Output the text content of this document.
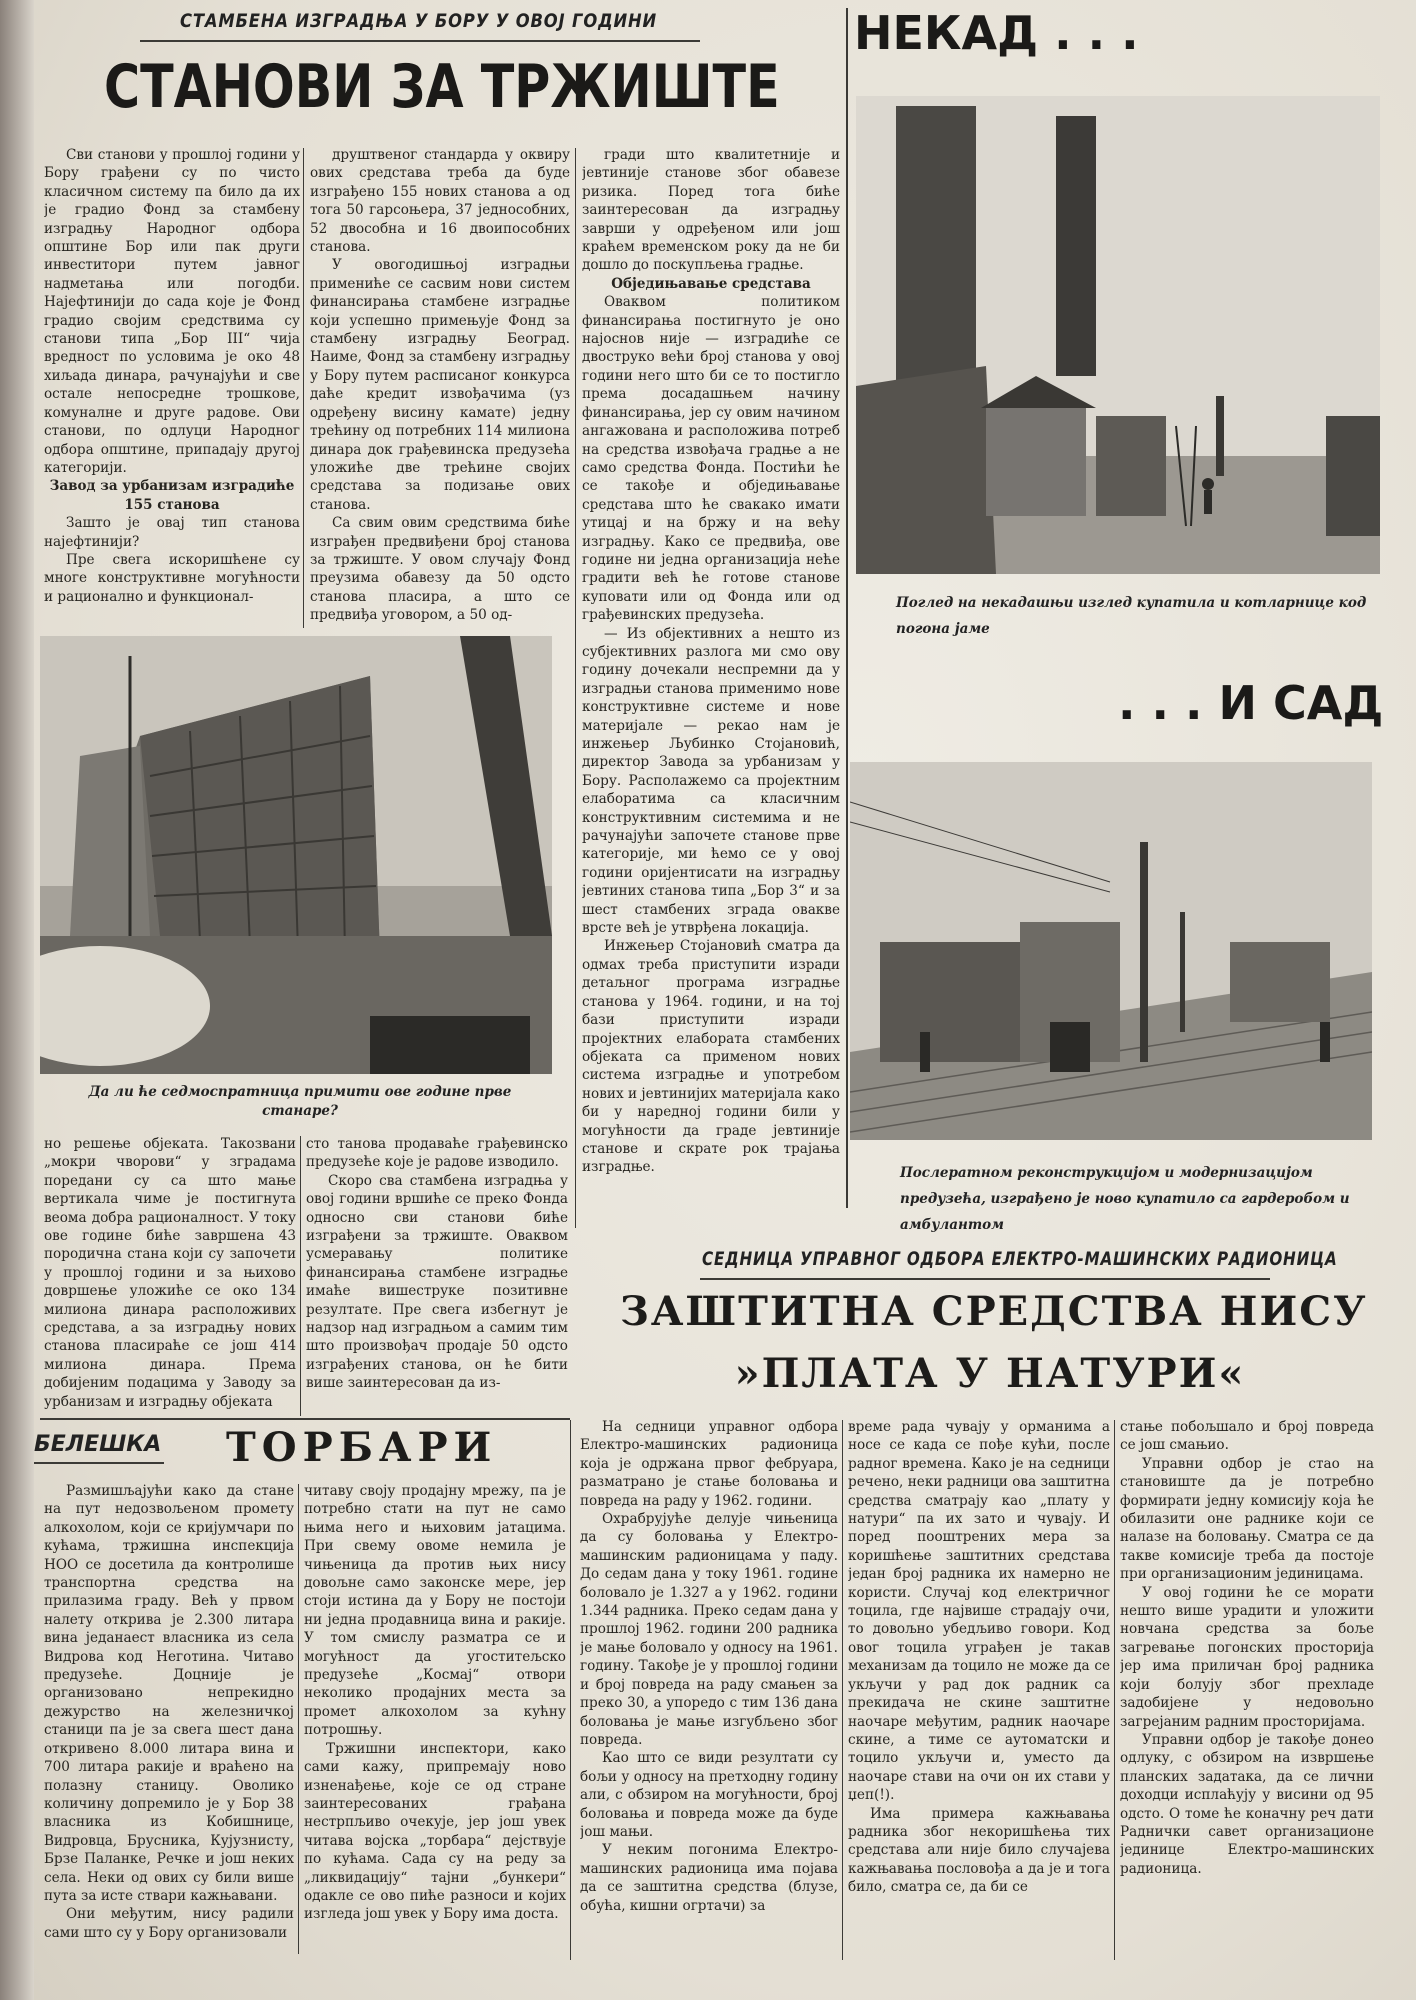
СТАМБЕНА ИЗГРАДЊА У БОРУ У ОВОЈ ГОДИНИ
СТАНОВИ ЗА ТРЖИШТЕ

Сви станови у прошлој години у Бору грађени су по чисто класичном систему па било да их је градио Фонд за стамбену изградњу Народног одбора општине Бор или пак други инвеститори путем јавног надметања или погодби. Најефтинији до сада које је Фонд градио својим средствима су станови типа „Бор III“ чија вредност по условима је око 48 хиљада динара, рачунајући и све остале непосредне трошкове, комуналне и друге радове. Ови станови, по одлуци Народног одбора општине, припадају другој категорији.

Завод за урбанизам изградиће 155 станова

Зашто је овај тип станова најефтинији?

Пре свега искоришћене су многе конструктивне могућности и рационално и функционал-

друштвеног стандарда у оквиру ових средстава треба да буде изграђено 155 нових станова а од тога 50 гарсоњера, 37 једнособних, 52 двособна и 16 двоипособних станова.

У овогодишњој изградњи примениће се сасвим нови систем финансирања стамбене изградње који успешно примењује Фонд за стамбену изградњу Београд. Наиме, Фонд за стамбену изградњу у Бору путем расписаног конкурса даће кредит извођачима (уз одређену висину камате) једну трећину од потребних 114 милиона динара док грађевинска предузећа уложиће две трећине својих средстава за подизање ових станова.

Са свим овим средствима биће изграђен предвиђени број станова за тржиште. У овом случају Фонд преузима обавезу да 50 одсто станова пласира, а што се предвиђа уговором, а 50 од-

гради што квалитетније и јевтиније станове због обавезе ризика. Поред тога биће заинтересован да изградњу заврши у одређеном или још краћем временском року да не би дошло до поскупљења градње.

Обједињавање средстава

Оваквом политиком финансирања постигнуто је оно најоснов није — изградиће се двоструко већи број станова у овој години него што би се то постигло према досадашњем начину финансирања, јер су овим начином ангажована и расположива потреб на средства извођача градње а не само средства Фонда. Постићи ће се такође и обједињавање средстава што ће свакако имати утицај и на бржу и на већу изградњу. Како се предвиђа, ове године ни једна организација неће градити већ ће готове станове куповати или од Фонда или од грађевинских предузећа.

— Из објективних а нешто из субјективних разлога ми смо ову годину дочекали неспремни да у изградњи станова применимо нове конструктивне системе и нове материјале — рекао нам је инжењер Љубинко Стојановић, директор Завода за урбанизам у Бору. Располажемо са пројектним елаборатима са класичним конструктивним системима и не рачунајући започете станове прве категорије, ми ћемо се у овој години оријентисати на изградњу јевтиних станова типа „Бор 3“ и за шест стамбених зграда овакве врсте већ је утврђена локација.

Инжењер Стојановић сматра да одмах треба приступити изради детаљног програма изградње станова у 1964. години, и на тој бази приступити изради пројектних елабората стамбених објеката са применом нових система изградње и употребом нових и јевтинијих материјала како би у наредној години били у могућности да граде јевтиније станове и скрате рок трајања изградње.

Да ли ће седмоспратница примити ове године прве станаре?

но решење објеката. Такозвани „мокри чворови“ у зградама поредани су са што мање вертикала чиме је постигнута веома добра рационалност. У току ове године биће завршена 43 породична стана који су започети у прошлој години и за њихово довршење уложиће се око 134 милиона динара расположивих средстава, а за изградњу нових станова пласираће се још 414 милиона динара. Према добијеним подацима у Заводу за урбанизам и изградњу објеката

сто танова продаваће грађевинско предузеће које је радове изводило.

Скоро сва стамбена изградња у овој години вршиће се преко Фонда односно сви станови биће изграђени за тржиште. Оваквом усмеравању политике финансирања стамбене изградње имаће вишеструке позитивне резултате. Пре свега избегнут је надзор над изградњом а самим тим што произвођач продаје 50 одсто изграђених станова, он ће бити више заинтересован да из-

НЕКАД . . .
Поглед на некадашњи изглед купатила и котларнице код погона јаме
. . . И САД
Послератном реконструкцијом и модернизацијом предузећа, изграђено је ново купатило са гардеробом и амбулантом
БЕЛЕШКА ТОРБАРИ

Размишљајући како да стане на пут недозвољеном промету алкохолом, који се кријумчари по кућама, тржишна инспекција НОО се досетила да контролише транспортна средства на прилазима граду. Већ у првом налету открива је 2.300 литара вина једанаест власника из села Видрова код Неготина. Читаво предузеће. Доцније је организовано непрекидно дежурство на железничкој станици па је за свега шест дана откривено 8.000 литара вина и 700 литара ракије и враћено на полазну станицу. Оволико количину допремило је у Бор 38 власника из Кобишнице, Видровца, Брусника, Кујузнисту, Брзе Паланке, Речке и још неких села. Неки од ових су били више пута за исте ствари кажњавани.

Они међутим, нису радили сами што су у Бору организовали

читаву своју продајну мрежу, па је потребно стати на пут не само њима него и њиховим јатацима. При свему овоме немила је чињеница да против њих нису довољне само законске мере, јер стоји истина да у Бору не постоји ни једна продавница вина и ракије. У том смислу разматра се и могућност да угоститељско предузеће „Космај“ отвори неколико продајних места за промет алкохолом за кућну потрошњу.

Тржишни инспектори, како сами кажу, припремају ново изненађење, које се од стране заинтересованих грађана нестрпљиво очекује, јер још увек читава војска „торбара“ дејствује по кућама. Сада су на реду за „ликвидацију“ тајни „бункери“ одакле се ово пиће разноси и којих изгледа још увек у Бору има доста.

СЕДНИЦА УПРАВНОГ ОДБОРА ЕЛЕКТРО-МАШИНСКИХ РАДИОНИЦА
ЗАШТИТНА СРЕДСТВА НИСУ
»ПЛАТА У НАТУРИ«

На седници управног одбора Електро-машинских радионица која је одржана првог фебруара, разматрано је стање боловања и повреда на раду у 1962. години.

Охрабрујуће делује чињеница да су боловања у Електро-машинским радионицама у паду. До седам дана у току 1961. године боловало је 1.327 а у 1962. години 1.344 радника. Преко седам дана у прошлој 1962. години 200 радника је мање боловало у односу на 1961. годину. Такође је у прошлој години и број повреда на раду смањен за преко 30, а упоредо с тим 136 дана боловања је мање изгубљено због повреда.

Као што се види резултати су бољи у односу на претходну годину али, с обзиром на могућности, број боловања и повреда може да буде још мањи.

У неким погонима Електро-машинских радионица има појава да се заштитна средства (блузе, обућа, кишни огртачи) за

време рада чувају у орманима а носе се када се пође кући, после радног времена. Како је на седници речено, неки радници ова заштитна средства сматрају као „плату у натури“ па их зато и чувају. И поред пооштрених мера за коришћење заштитних средстава један број радника их намерно не користи. Случај код електричног тоцила, где највише страдају очи, то довољно убедљиво говори. Код овог тоцила уграђен је такав механизам да тоцило не може да се укључи у рад док радник са прекидача не скине заштитне наочаре међутим, радник наочаре скине, а тиме се аутоматски и тоцило укључи и, уместо да наочаре стави на очи он их стави у џеп(!).

Има примера кажњавања радника због некоришћења тих средстава али није било случајева кажњавања пословођа а да је и тога било, сматра се, да би се

стање побољшало и број повреда се још смањио.

Управни одбор је стао на становиште да је потребно формирати једну комисију која ће обилазити оне раднике који се налазе на боловању. Сматра се да такве комисије треба да постоје при организационим јединицама.

У овој години ће се морати нешто више урадити и уложити новчана средства за боље загревање погонских просторија јер има приличан број радника који болују због прехладе задобијене у недовољно загрејаним радним просторијама.

Управни одбор је такође донео одлуку, с обзиром на извршење планских задатака, да се лични доходци исплаћују у висини од 95 одсто. О томе ће коначну реч дати Раднички савет организационе јединице Електро-машинских радионица.
